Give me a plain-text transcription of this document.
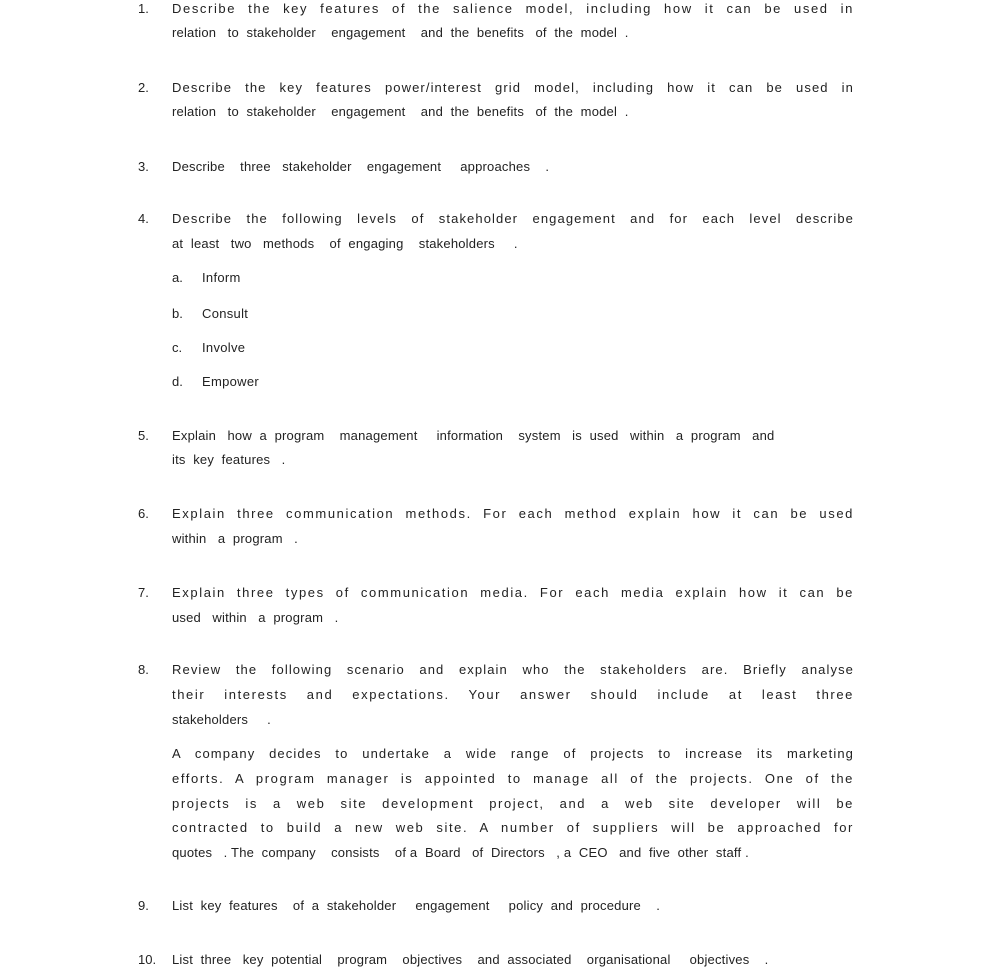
1. Describe the key features of the salience model, including how it can be used in
relation   to  stakeholder    engagement    and  the  benefits   of  the  model  .
2. Describe the key features power/interest grid model, including how it can be used in
relation   to  stakeholder    engagement    and  the  benefits   of  the  model  .
3. Describe    three   stakeholder    engagement     approaches    .
4. Describe the following levels of stakeholder engagement and for each level describe
at  least   two   methods    of  engaging    stakeholders     .
a. Inform
b. Consult
c. Involve
d. Empower
5. Explain   how  a  program    management     information    system   is  used   within   a  program   and
its  key  features   .
6. Explain three communication methods. For each method explain how it can be used
within   a  program   .
7. Explain three types of communication media. For each media explain how it can be
used   within   a  program   .
8. Review the following scenario and explain who the stakeholders are. Briefly analyse
their interests and expectations. Your answer should include at least three
stakeholders     .
A company decides to undertake a wide range of projects to increase its marketing
efforts. A program manager is appointed to manage all of the projects. One of the
projects is a web site development project, and a web site developer will be
contracted to build a new web site. A number of suppliers will be approached for
quotes   . The  company    consists    of a  Board   of  Directors   , a  CEO   and  five  other  staff .
9. List  key  features    of  a  stakeholder     engagement     policy  and  procedure    .
10. List  three   key  potential    program    objectives    and  associated    organisational     objectives    .
